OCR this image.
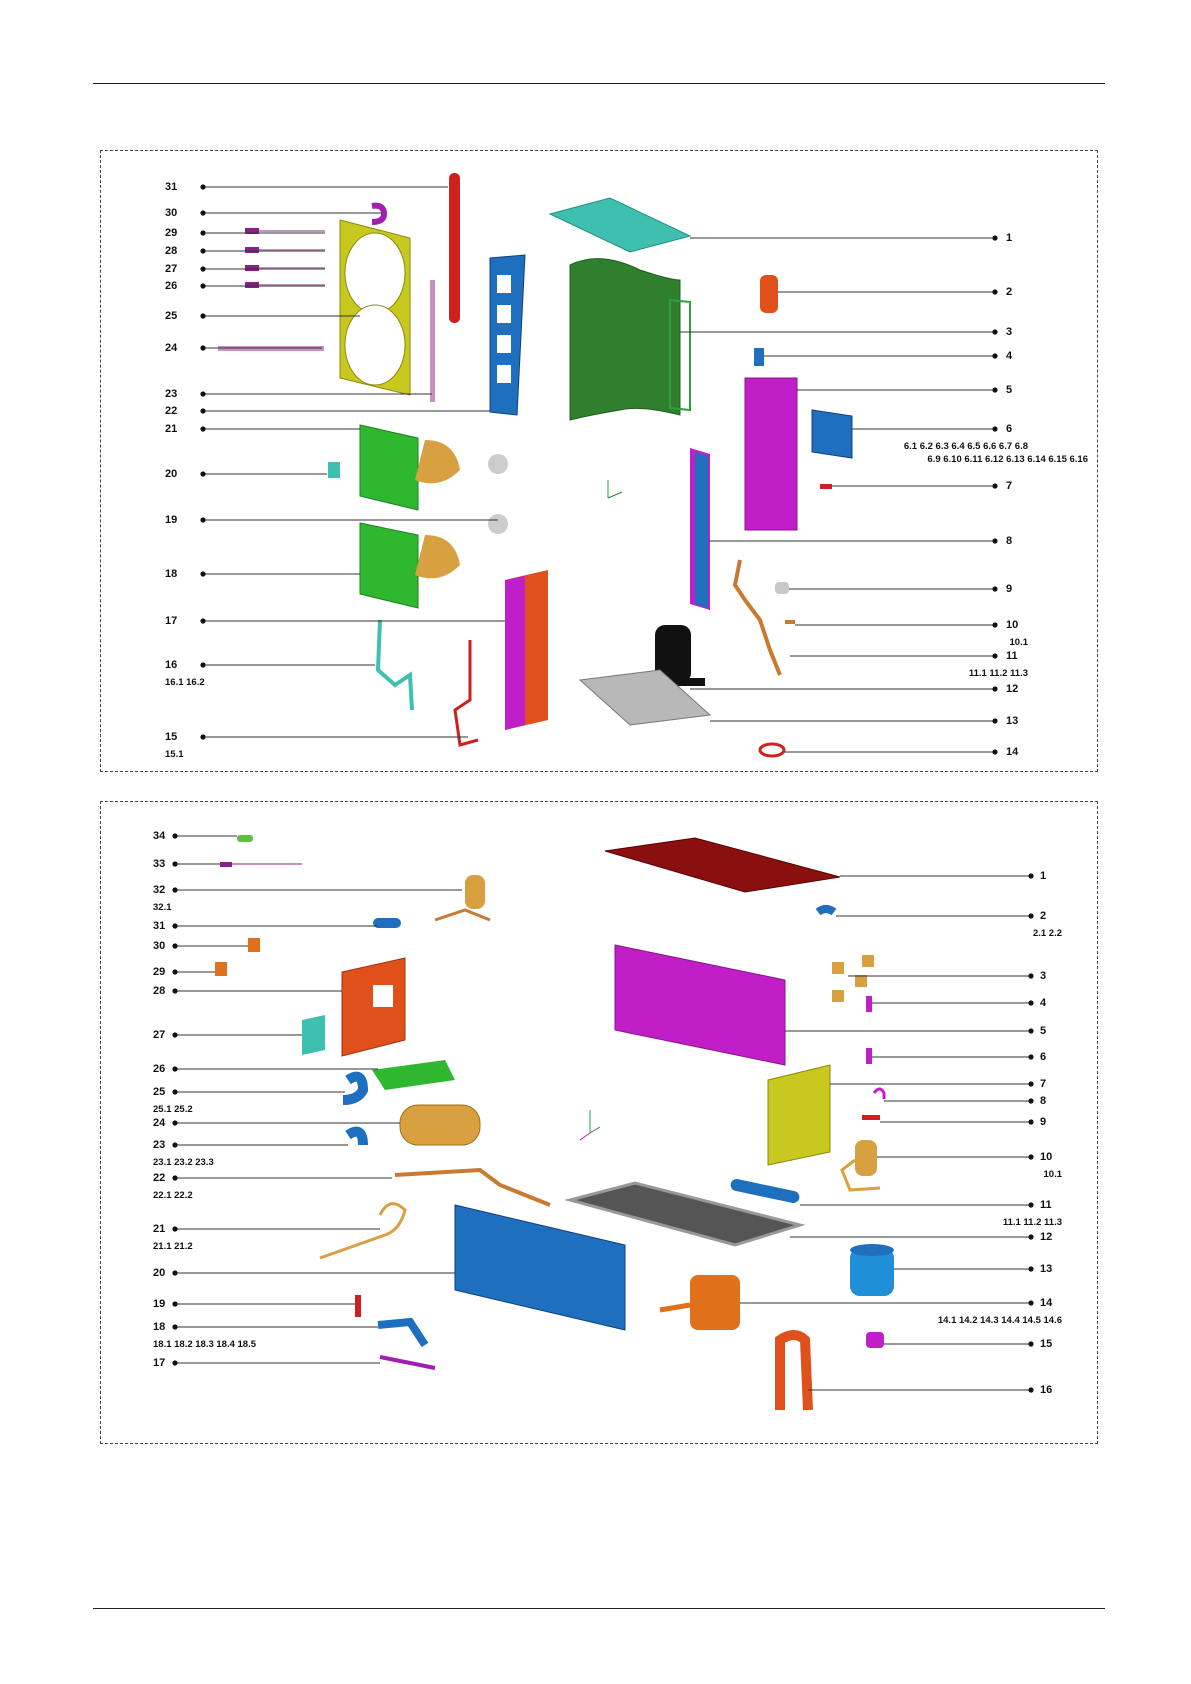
31
30
29
28
27
26
25
24
23
22
21
20
19
18
17
16
16.1 16.2
15
15.1
1
2
3
4
5
6
6.1 6.2 6.3 6.4 6.5 6.6 6.7 6.8
6.9 6.10 6.11 6.12 6.13 6.14 6.15 6.16
7
8
9
10
10.1
11
11.1 11.2 11.3
12
13
14
34
33
32
32.1
31
30
29
28
27
26
25
25.1 25.2
24
23
23.1 23.2 23.3
22
22.1 22.2
21
21.1 21.2
20
19
18
18.1 18.2 18.3 18.4 18.5
17
1
2
2.1 2.2
3
4
5
6
7
8
9
10
10.1
11
11.1 11.2 11.3
12
13
14
14.1 14.2 14.3 14.4 14.5 14.6
15
16
